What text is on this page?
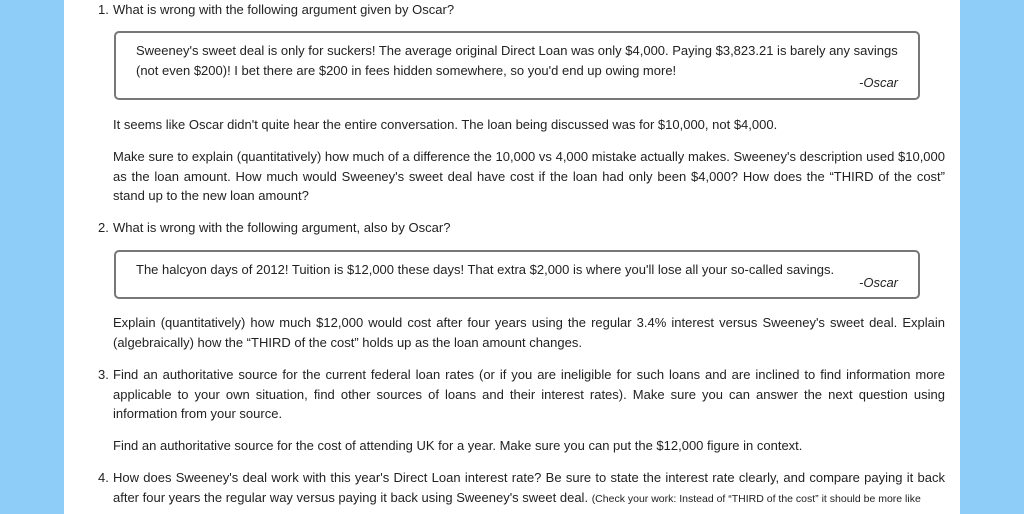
1. What is wrong with the following argument given by Oscar?
Sweeney's sweet deal is only for suckers! The average original Direct Loan was only $4,000. Paying $3,823.21 is barely any savings (not even $200)! I bet there are $200 in fees hidden somewhere, so you'd end up owing more!
-Oscar
It seems like Oscar didn't quite hear the entire conversation. The loan being discussed was for $10,000, not $4,000.
Make sure to explain (quantitatively) how much of a difference the 10,000 vs 4,000 mistake actually makes. Sweeney's description used $10,000 as the loan amount. How much would Sweeney's sweet deal have cost if the loan had only been $4,000? How does the “THIRD of the cost” stand up to the new loan amount?
2. What is wrong with the following argument, also by Oscar?
The halcyon days of 2012! Tuition is $12,000 these days! That extra $2,000 is where you'll lose all your so-called savings.
-Oscar
Explain (quantitatively) how much $12,000 would cost after four years using the regular 3.4% interest versus Sweeney's sweet deal. Explain (algebraically) how the “THIRD of the cost” holds up as the loan amount changes.
3. Find an authoritative source for the current federal loan rates (or if you are ineligible for such loans and are inclined to find information more applicable to your own situation, find other sources of loans and their interest rates). Make sure you can answer the next question using information from your source.
Find an authoritative source for the cost of attending UK for a year. Make sure you can put the $12,000 figure in context.
4. How does Sweeney's deal work with this year's Direct Loan interest rate? Be sure to state the interest rate clearly, and compare paying it back after four years the regular way versus paying it back using Sweeney's sweet deal. (Check your work: Instead of “THIRD of the cost” it should be more like
